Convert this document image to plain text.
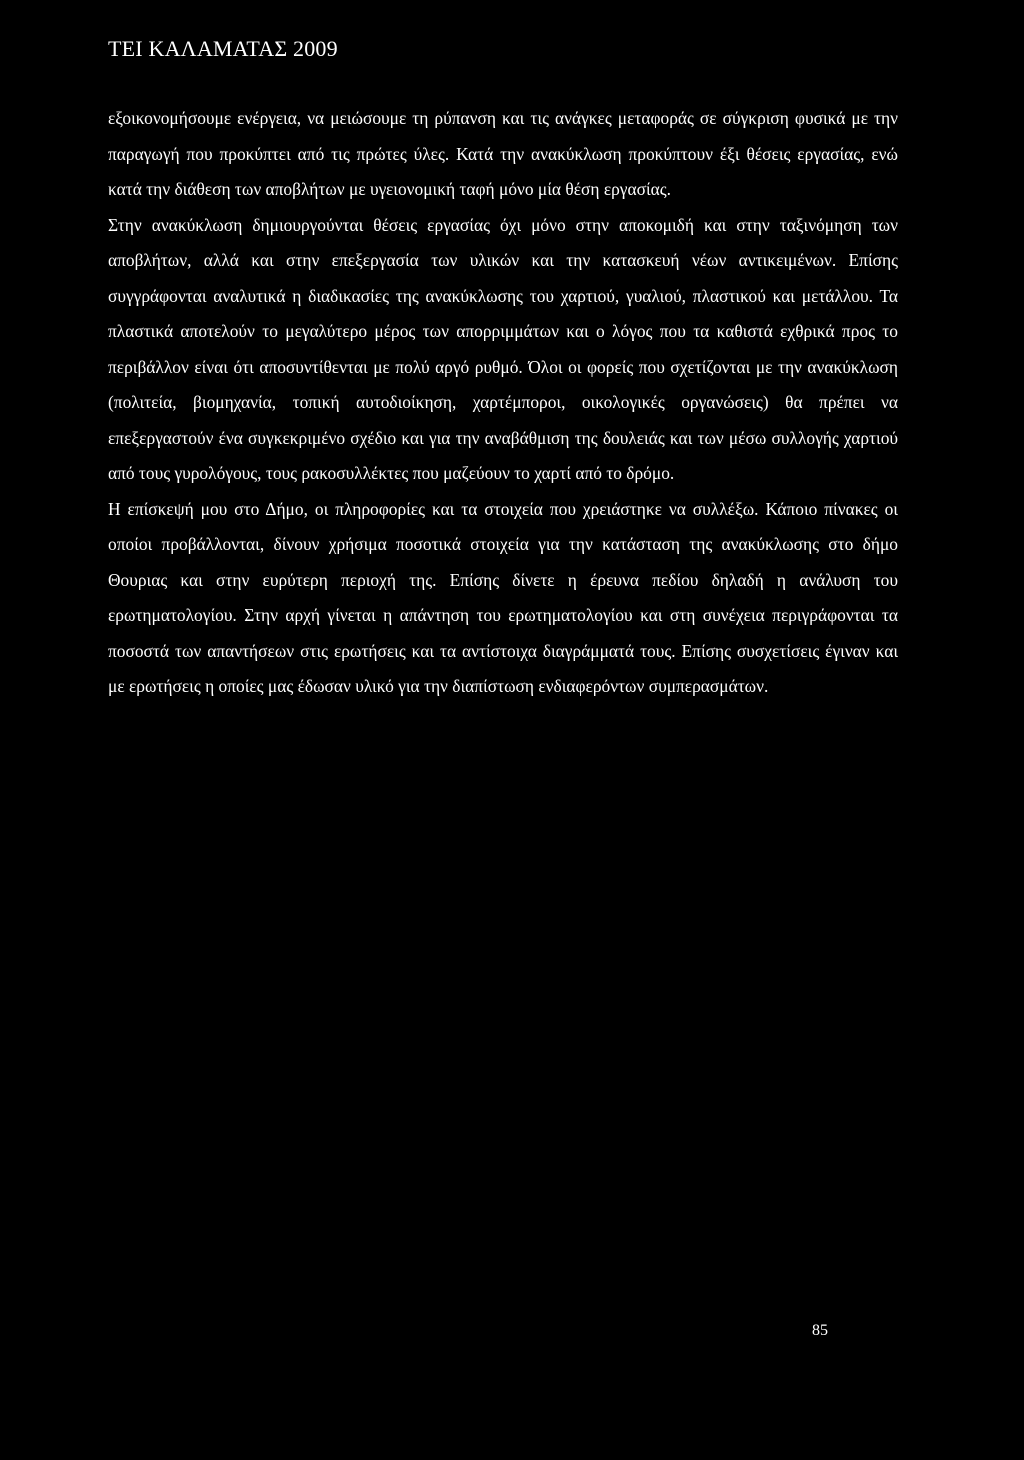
ΤΕΙ ΚΑΛΑΜΑΤΑΣ 2009

εξοικονομήσουμε ενέργεια, να μειώσουμε τη ρύπανση και τις ανάγκες μεταφοράς σε σύγκριση φυσικά με την παραγωγή που προκύπτει από τις πρώτες ύλες. Κατά την ανακύκλωση προκύπτουν έξι θέσεις εργασίας, ενώ κατά την διάθεση των αποβλήτων με υγειονομική ταφή μόνο μία θέση εργασίας.

Στην ανακύκλωση δημιουργούνται θέσεις εργασίας όχι μόνο στην αποκομιδή και στην ταξινόμηση των αποβλήτων, αλλά και στην επεξεργασία των υλικών και την κατασκευή νέων αντικειμένων. Επίσης συγγράφονται αναλυτικά η διαδικασίες της ανακύκλωσης του χαρτιού, γυαλιού, πλαστικού και μετάλλου. Τα πλαστικά αποτελούν το μεγαλύτερο μέρος των απορριμμάτων και ο λόγος που τα καθιστά εχθρικά προς το περιβάλλον είναι ότι αποσυντίθενται με πολύ αργό ρυθμό. Όλοι οι φορείς που σχετίζονται με την ανακύκλωση (πολιτεία, βιομηχανία, τοπική αυτοδιοίκηση, χαρτέμποροι, οικολογικές οργανώσεις) θα πρέπει να επεξεργαστούν ένα συγκεκριμένο σχέδιο και για την αναβάθμιση της δουλειάς και των μέσω συλλογής χαρτιού από τους γυρολόγους, τους ρακοσυλλέκτες που μαζεύουν το χαρτί από το δρόμο.

Η επίσκεψή μου στο Δήμο, οι πληροφορίες και τα στοιχεία που χρειάστηκε να συλλέξω. Κάποιο πίνακες οι οποίοι προβάλλονται, δίνουν χρήσιμα ποσοτικά στοιχεία για την κατάσταση της ανακύκλωσης στο δήμο Θουριας και στην ευρύτερη περιοχή της. Επίσης δίνετε η έρευνα πεδίου δηλαδή η ανάλυση του ερωτηματολογίου. Στην αρχή γίνεται η απάντηση του ερωτηματολογίου και στη συνέχεια περιγράφονται τα ποσοστά των απαντήσεων στις ερωτήσεις και τα αντίστοιχα διαγράμματά τους. Επίσης συσχετίσεις έγιναν και με ερωτήσεις η οποίες μας έδωσαν υλικό για την διαπίστωση ενδιαφερόντων συμπερασμάτων.

85
